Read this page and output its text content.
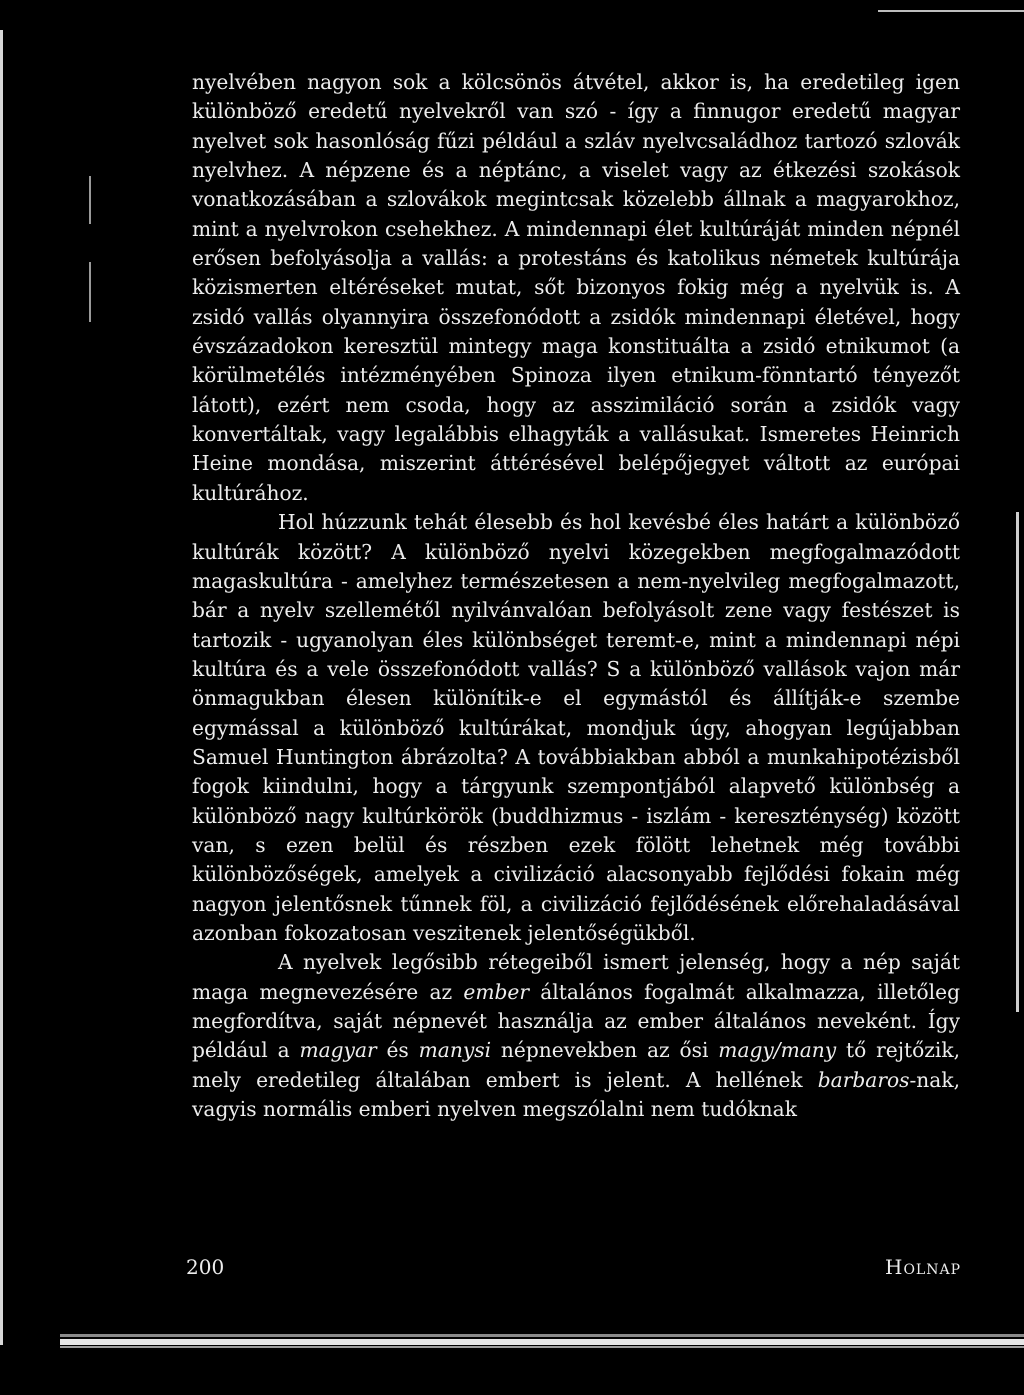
nyelvében nagyon sok a kölcsönös átvétel, akkor is, ha eredetileg igen különböző eredetű nyelvekről van szó - így a finnugor eredetű magyar nyelvet sok hasonlóság fűzi például a szláv nyelvcsaládhoz tartozó szlovák nyelvhez. A népzene és a néptánc, a viselet vagy az étkezési szokások vonatkozásában a szlovákok megintcsak közelebb állnak a magyarokhoz, mint a nyelvrokon csehekhez. A mindennapi élet kultúráját minden népnél erősen befolyásolja a vallás: a protestáns és katolikus németek kultúrája közismerten eltéréseket mutat, sőt bizonyos fokig még a nyelvük is. A zsidó vallás olyannyira összefonódott a zsidók mindennapi életével, hogy évszázadokon keresztül mintegy maga konstituálta a zsidó etnikumot (a körülmetélés intézményében Spinoza ilyen etnikum-fönntartó tényezőt látott), ezért nem csoda, hogy az asszimiláció során a zsidók vagy konvertáltak, vagy legalábbis elhagyták a vallásukat. Ismeretes Heinrich Heine mondása, miszerint áttérésével belépőjegyet váltott az európai kultúrához.

Hol húzzunk tehát élesebb és hol kevésbé éles határt a különböző kultúrák között? A különböző nyelvi közegekben megfogalmazódott magaskultúra - amelyhez természetesen a nem-nyelvileg megfogalmazott, bár a nyelv szellemétől nyilvánvalóan befolyásolt zene vagy festészet is tartozik - ugyanolyan éles különbséget teremt-e, mint a mindennapi népi kultúra és a vele összefonódott vallás? S a különböző vallások vajon már önmagukban élesen különítik-e el egymástól és állítják-e szembe egymással a különböző kultúrákat, mondjuk úgy, ahogyan legújabban Samuel Huntington ábrázolta? A továbbiakban abból a munkahipotézisből fogok kiindulni, hogy a tárgyunk szempontjából alapvető különbség a különböző nagy kultúrkörök (buddhizmus - iszlám - kereszténység) között van, s ezen belül és részben ezek fölött lehetnek még további különbözőségek, amelyek a civilizáció alacsonyabb fejlődési fokain még nagyon jelentősnek tűnnek föl, a civilizáció fejlődésének előrehaladásával azonban fokozatosan veszitenek jelentőségükből.

A nyelvek legősibb rétegeiből ismert jelenség, hogy a nép saját maga megnevezésére az ember általános fogalmát alkalmazza, illetőleg megfordítva, saját népnevét használja az ember általános neveként. Így például a magyar és manysi népnevekben az ősi magy/many tő rejtőzik, mely eredetileg általában embert is jelent. A hellének barbaros-nak, vagyis normális emberi nyelven megszólalni nem tudóknak

200	Holnap
